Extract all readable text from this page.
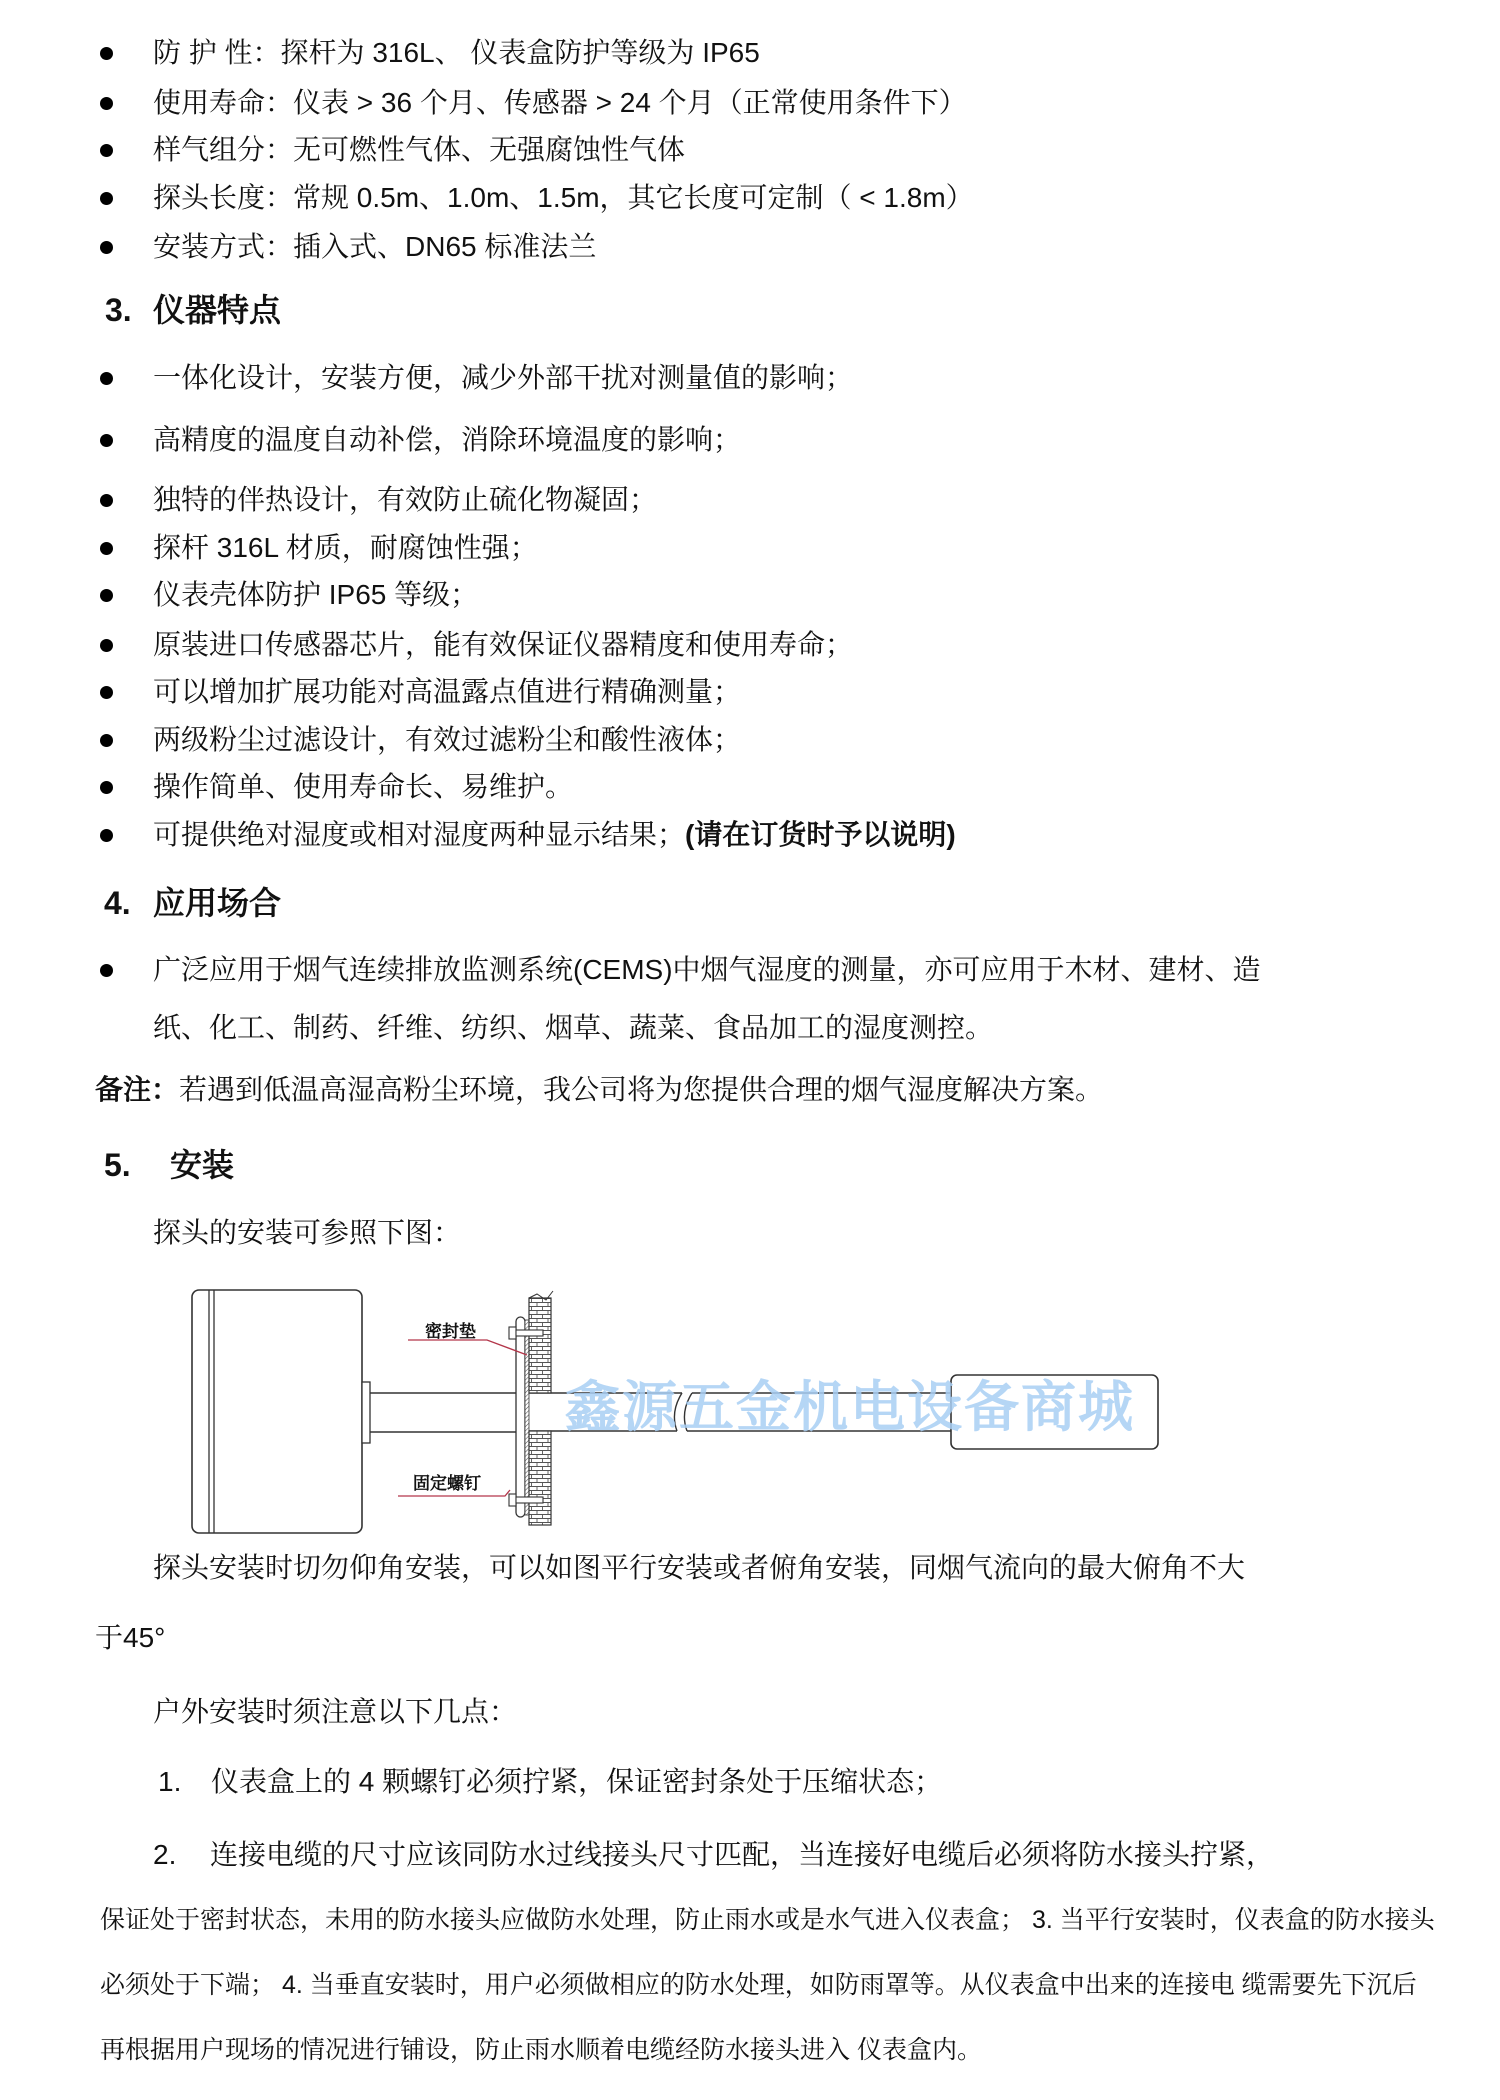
防 护 性：探杆为 316L、 仪表盒防护等级为 IP65
使用寿命：仪表 > 36 个月、传感器 > 24 个月（正常使用条件下）
样气组分：无可燃性气体、无强腐蚀性气体
探头长度：常规 0.5m、1.0m、1.5m，其它长度可定制（ < 1.8m）
安装方式：插入式、DN65 标准法兰
3. 仪器特点
一体化设计，安装方便，减少外部干扰对测量值的影响；
高精度的温度自动补偿，消除环境温度的影响；
独特的伴热设计，有效防止硫化物凝固；
探杆 316L 材质，耐腐蚀性强；
仪表壳体防护 IP65 等级；
原装进口传感器芯片，能有效保证仪器精度和使用寿命；
可以增加扩展功能对高温露点值进行精确测量；
两级粉尘过滤设计，有效过滤粉尘和酸性液体；
操作简单、使用寿命长、易维护。
可提供绝对湿度或相对湿度两种显示结果；(请在订货时予以说明)
4. 应用场合
广泛应用于烟气连续排放监测系统(CEMS)中烟气湿度的测量，亦可应用于木材、建材、造
纸、化工、制药、纤维、纺织、烟草、蔬菜、食品加工的湿度测控。
备注：若遇到低温高湿高粉尘环境，我公司将为您提供合理的烟气湿度解决方案。
5. 安装
探头的安装可参照下图：
密封垫
固定螺钉
鑫源五金机电设备商城
探头安装时切勿仰角安装，可以如图平行安装或者俯角安装，同烟气流向的最大俯角不大
于45°
户外安装时须注意以下几点：
1. 仪表盒上的 4 颗螺钉必须拧紧，保证密封条处于压缩状态；
2. 连接电缆的尺寸应该同防水过线接头尺寸匹配，当连接好电缆后必须将防水接头拧紧，
保证处于密封状态，未用的防水接头应做防水处理，防止雨水或是水气进入仪表盒； 3. 当平行安装时，仪表盒的防水接头
必须处于下端； 4. 当垂直安装时，用户必须做相应的防水处理，如防雨罩等。从仪表盒中出来的连接电 缆需要先下沉后
再根据用户现场的情况进行铺设，防止雨水顺着电缆经防水接头进入 仪表盒内。
